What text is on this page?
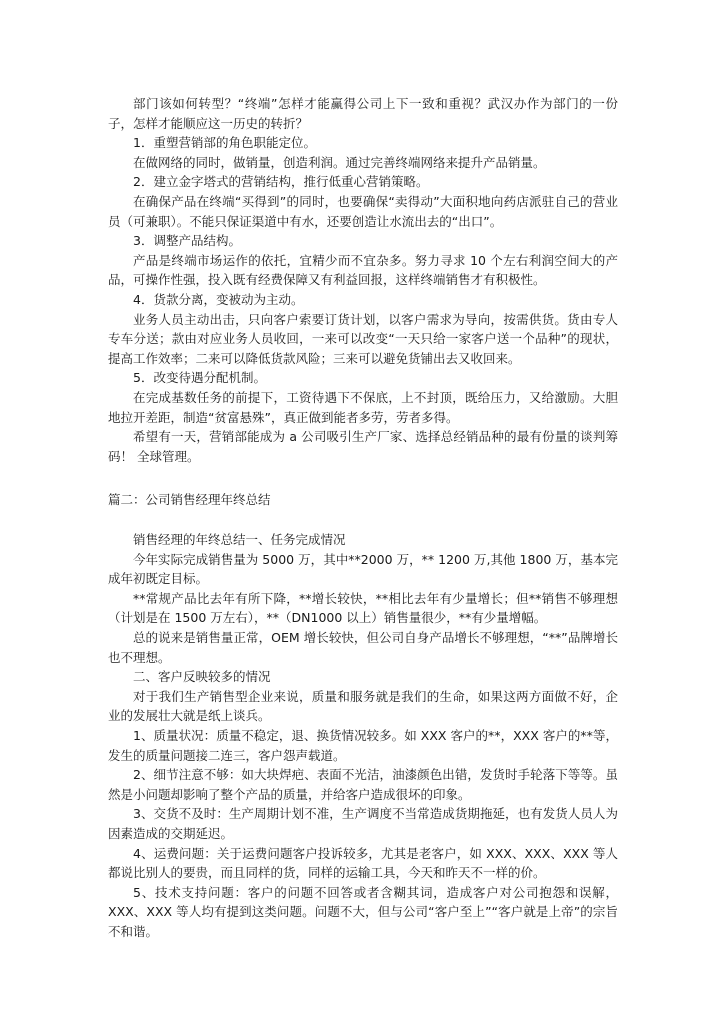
部门该如何转型？“终端”怎样才能赢得公司上下一致和重视？武汉办作为部门的一份子，怎样才能顺应这一历史的转折？

1．重塑营销部的角色职能定位。

在做网络的同时，做销量，创造利润。通过完善终端网络来提升产品销量。

2．建立金字塔式的营销结构，推行低重心营销策略。

在确保产品在终端“买得到”的同时，也要确保“卖得动”大面积地向药店派驻自己的营业员（可兼职）。不能只保证渠道中有水，还要创造让水流出去的“出口”。

3．调整产品结构。

产品是终端市场运作的依托，宜精少而不宜杂多。努力寻求 10 个左右利润空间大的产品，可操作性强，投入既有经费保障又有利益回报，这样终端销售才有积极性。

4．货款分离，变被动为主动。

业务人员主动出击，只向客户索要订货计划，以客户需求为导向，按需供货。货由专人专车分送；款由对应业务人员收回，一来可以改变“一天只给一家客户送一个品种”的现状，提高工作效率；二来可以降低货款风险；三来可以避免货铺出去又收回来。

5．改变待遇分配机制。

在完成基数任务的前提下，工资待遇下不保底，上不封顶，既给压力，又给激励。大胆地拉开差距，制造“贫富悬殊”，真正做到能者多劳，劳者多得。

希望有一天，营销部能成为 a 公司吸引生产厂家、选择总经销品种的最有份量的谈判筹码！ 全球管理。

篇二：公司销售经理年终总结

销售经理的年终总结一、任务完成情况

今年实际完成销售量为 5000 万，其中**2000 万，** 1200 万,其他 1800 万，基本完成年初既定目标。

**常规产品比去年有所下降，**增长较快，**相比去年有少量增长；但**销售不够理想（计划是在 1500 万左右），**（DN1000 以上）销售量很少，**有少量增幅。

总的说来是销售量正常，OEM 增长较快，但公司自身产品增长不够理想，“**”品牌增长也不理想。

二、客户反映较多的情况

对于我们生产销售型企业来说，质量和服务就是我们的生命，如果这两方面做不好，企业的发展壮大就是纸上谈兵。

1、质量状况：质量不稳定，退、换货情况较多。如 XXX 客户的**，XXX 客户的**等，发生的质量问题接二连三，客户怨声载道。

2、细节注意不够：如大块焊疤、表面不光洁，油漆颜色出错，发货时手轮落下等等。虽然是小问题却影响了整个产品的质量，并给客户造成很坏的印象。

3、交货不及时：生产周期计划不准，生产调度不当常造成货期拖延，也有发货人员人为因素造成的交期延迟。

4、运费问题：关于运费问题客户投诉较多，尤其是老客户，如 XXX、XXX、XXX 等人都说比别人的要贵，而且同样的货，同样的运输工具，今天和昨天不一样的价。

5、技术支持问题：客户的问题不回答或者含糊其词，造成客户对公司抱怨和误解，XXX、XXX 等人均有提到这类问题。问题不大，但与公司“客户至上”“客户就是上帝”的宗旨不和谐。
